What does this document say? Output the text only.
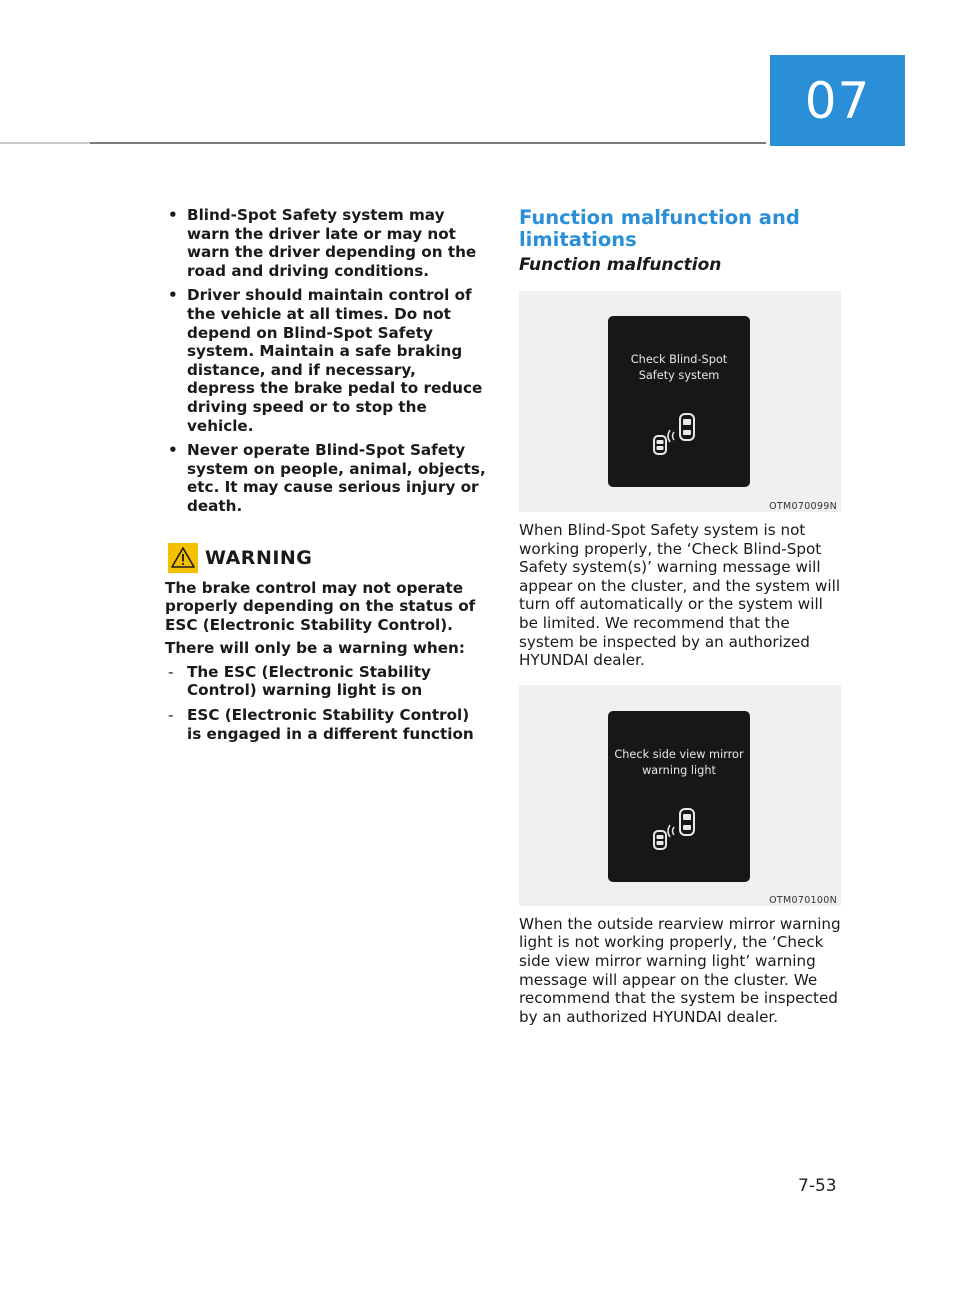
07
• Blind-Spot Safety system may warn the driver late or may not warn the driver depending on the road and driving conditions.
• Driver should maintain control of the vehicle at all times. Do not depend on Blind-Spot Safety system. Maintain a safe braking distance, and if necessary, depress the brake pedal to reduce driving speed or to stop the vehicle.
• Never operate Blind-Spot Safety system on people, animal, objects, etc. It may cause serious injury or death.
WARNING

The brake control may not operate properly depending on the status of ESC (Electronic Stability Control).

There will only be a warning when:

- The ESC (Electronic Stability Control) warning light is on
- ESC (Electronic Stability Control) is engaged in a different function
Function malfunction and limitations
Function malfunction
Check Blind-Spot
Safety system
OTM070099N

When Blind-Spot Safety system is not working properly, the ‘Check Blind-Spot Safety system(s)’ warning message will appear on the cluster, and the system will turn off automatically or the system will be limited. We recommend that the system be inspected by an authorized HYUNDAI dealer.

Check side view mirror
warning light
OTM070100N

When the outside rearview mirror warning light is not working properly, the ‘Check side view mirror warning light’ warning message will appear on the cluster. We recommend that the system be inspected by an authorized HYUNDAI dealer.

7-53
